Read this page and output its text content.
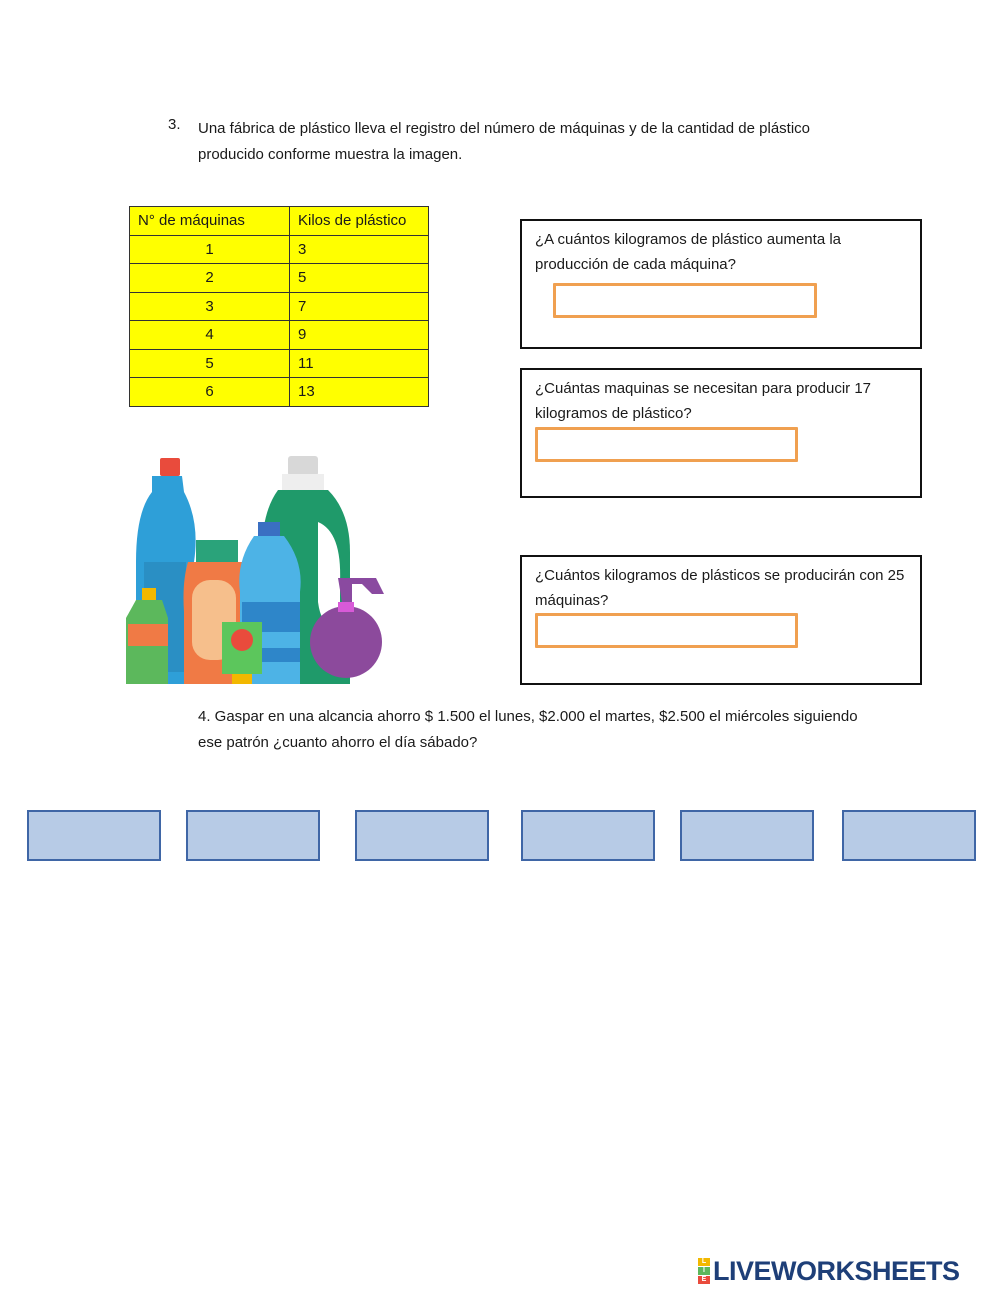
3. Una fábrica de plástico lleva el registro del número de máquinas y de la cantidad de plástico producido conforme muestra la imagen.
N° de máquinas	Kilos de plástico
1	3
2	5
3	7
4	9
5	11
6	13
¿A cuántos kilogramos de plástico aumenta la producción de cada máquina?
¿Cuántas maquinas se necesitan para producir 17 kilogramos de plástico?
¿Cuántos kilogramos de plásticos se producirán con 25 máquinas?
4. Gaspar en una alcancia ahorro $ 1.500 el lunes, $2.000 el martes, $2.500 el miércoles siguiendo ese patrón ¿cuanto ahorro el día sábado?
L
I
E LIVEWORKSHEETS
